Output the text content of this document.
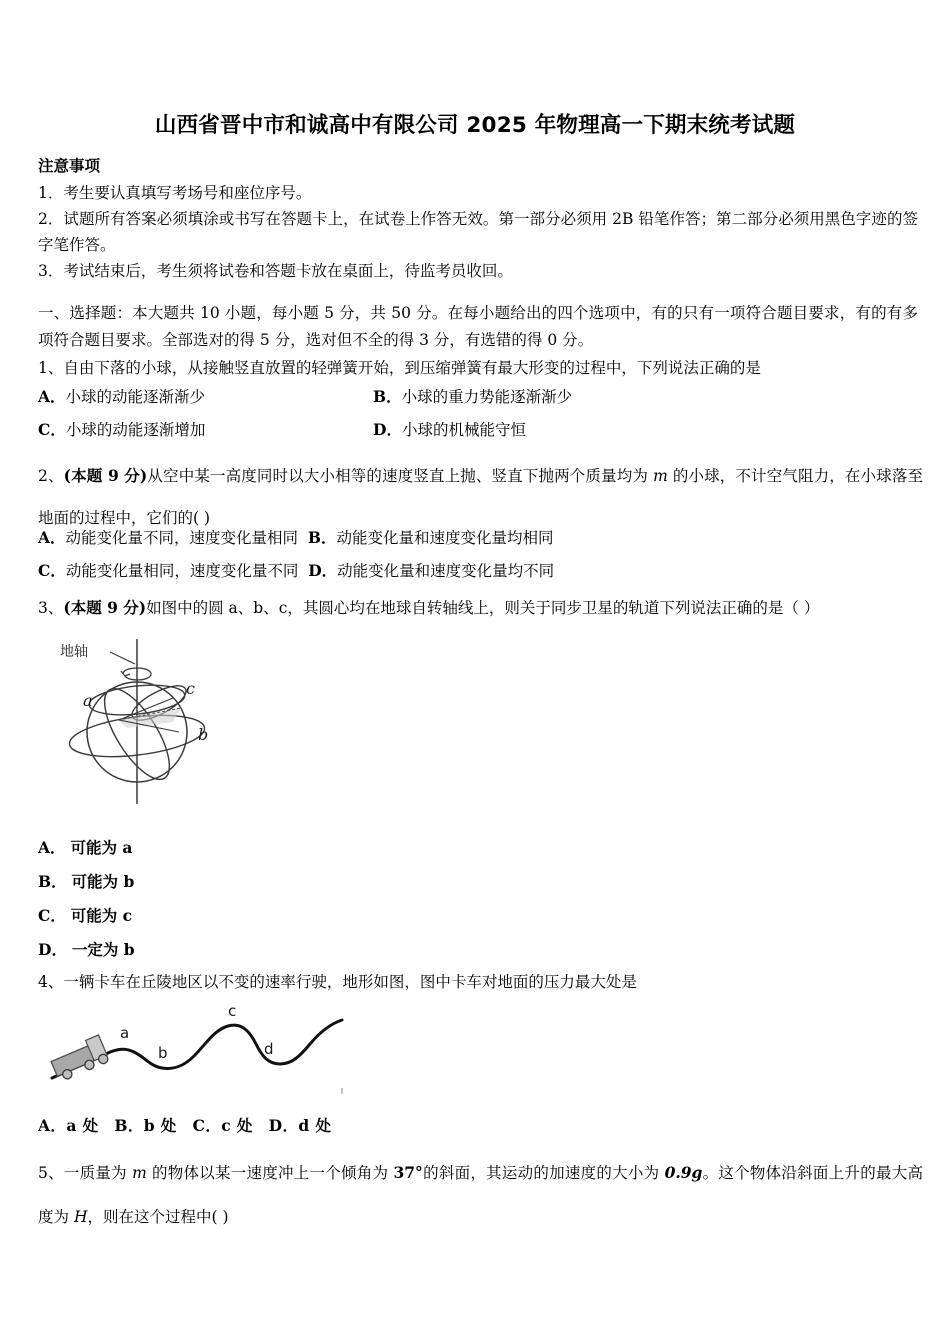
山西省晋中市和诚高中有限公司 2025 年物理高一下期末统考试题
注意事项
1．考生要认真填写考场号和座位序号。
2．试题所有答案必须填涂或书写在答题卡上，在试卷上作答无效。第一部分必须用 2B 铅笔作答；第二部分必须用黑色字迹的签字笔作答。
3．考试结束后，考生须将试卷和答题卡放在桌面上，待监考员收回。
一、选择题：本大题共 10 小题，每小题 5 分，共 50 分。在每小题给出的四个选项中，有的只有一项符合题目要求，有的有多项符合题目要求。全部选对的得 5 分，选对但不全的得 3 分，有选错的得 0 分。
1、自由下落的小球，从接触竖直放置的轻弹簧开始，到压缩弹簧有最大形变的过程中，下列说法正确的是
A．小球的动能逐渐渐少	B．小球的重力势能逐渐渐少
C．小球的动能逐渐增加	D．小球的机械能守恒
2、(本题 9 分)从空中某一高度同时以大小相等的速度竖直上抛、竖直下抛两个质量均为 m 的小球，不计空气阻力，在小球落至地面的过程中，它们的( )
A．动能变化量不同，速度变化量相同 B．动能变化量和速度变化量均相同
C．动能变化量相同，速度变化量不同 D．动能变化量和速度变化量均不同
3、(本题 9 分)如图中的圆 a、b、c，其圆心均在地球自转轴线上，则关于同步卫星的轨道下列说法正确的是（ ）
地轴
a
c
b
A． 可能为 a
B． 可能为 b
C． 可能为 c
D． 一定为 b
4、一辆卡车在丘陵地区以不变的速率行驶，地形如图，图中卡车对地面的压力最大处是
a
b
c
d
A．a 处　B．b 处　C．c 处　D．d 处
5、一质量为 m 的物体以某一速度冲上一个倾角为 37°的斜面，其运动的加速度的大小为 0.9g。这个物体沿斜面上升的最大高度为 H，则在这个过程中( )
